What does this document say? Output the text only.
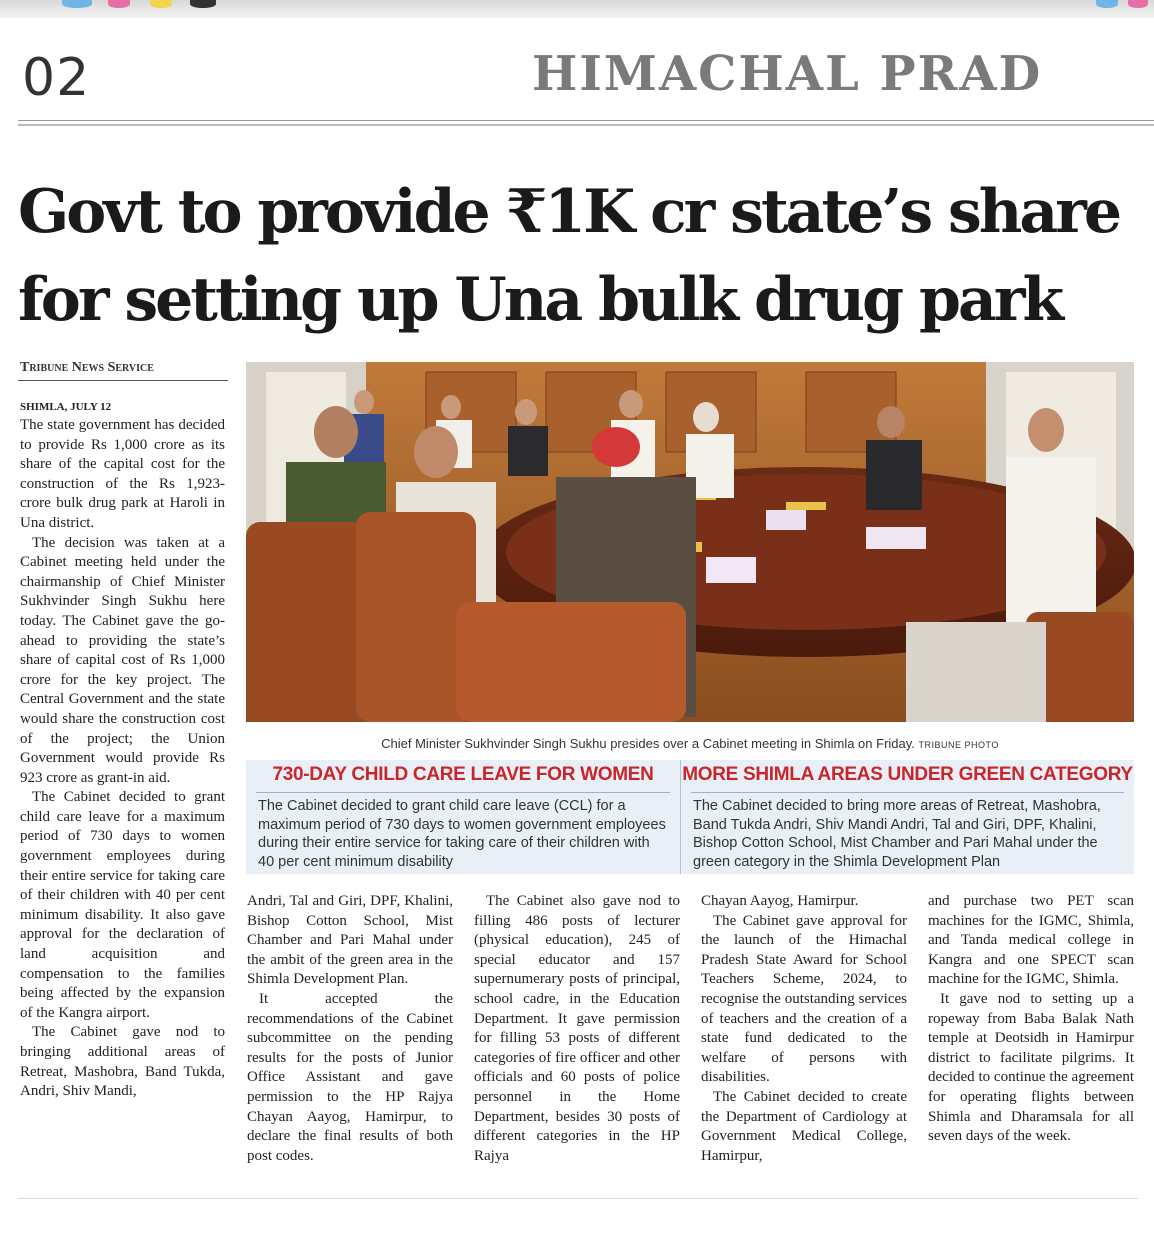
02	HIMACHAL PRAD
Govt to provide ₹1K cr state’s share
for setting up Una bulk drug park
Tribune News Service
SHIMLA, JULY 12

The state government has decided to provide Rs 1,000 crore as its share of the capital cost for the construction of the Rs 1,923-crore bulk drug park at Haroli in Una district.

The decision was taken at a Cabinet meeting held under the chairmanship of Chief Minister Sukhvinder Singh Sukhu here today. The Cabinet gave the go-ahead to providing the state’s share of capital cost of Rs 1,000 crore for the key project. The Central Government and the state would share the construction cost of the project; the Union Government would provide Rs 923 crore as grant-in aid.

The Cabinet decided to grant child care leave for a maximum period of 730 days to women government employees during their entire service for taking care of their children with 40 per cent minimum disability. It also gave approval for the declaration of land acquisition and compensation to the families being affected by the expansion of the Kangra airport.

The Cabinet gave nod to bringing additional areas of Retreat, Mashobra, Band Tukda, Andri, Shiv Mandi,

Chief Minister Sukhvinder Singh Sukhu presides over a Cabinet meeting in Shimla on Friday. TRIBUNE PHOTO
730-DAY CHILD CARE LEAVE FOR WOMEN

The Cabinet decided to grant child care leave (CCL) for a maximum period of 730 days to women government employees during their entire service for taking care of their children with 40 per cent minimum disability

MORE SHIMLA AREAS UNDER GREEN CATEGORY

The Cabinet decided to bring more areas of Retreat, Mashobra, Band Tukda Andri, Shiv Mandi Andri, Tal and Giri, DPF, Khalini, Bishop Cotton School, Mist Chamber and Pari Mahal under the green category in the Shimla Development Plan

Andri, Tal and Giri, DPF, Khalini, Bishop Cotton School, Mist Chamber and Pari Mahal under the ambit of the green area in the Shimla Development Plan.

It accepted the recommendations of the Cabinet subcommittee on the pending results for the posts of Junior Office Assistant and gave permission to the HP Rajya Chayan Aayog, Hamirpur, to declare the final results of both post codes.

The Cabinet also gave nod to filling 486 posts of lecturer (physical education), 245 of special educator and 157 supernumerary posts of principal, school cadre, in the Education Department. It gave permission for filling 53 posts of different categories of fire officer and other officials and 60 posts of police personnel in the Home Department, besides 30 posts of different categories in the HP Rajya

Chayan Aayog, Hamirpur.

The Cabinet gave approval for the launch of the Himachal Pradesh State Award for School Teachers Scheme, 2024, to recognise the outstanding services of teachers and the creation of a state fund dedicated to the welfare of persons with disabilities.

The Cabinet decided to create the Department of Cardiology at Government Medical College, Hamirpur,

and purchase two PET scan machines for the IGMC, Shimla, and Tanda medical college in Kangra and one SPECT scan machine for the IGMC, Shimla.

It gave nod to setting up a ropeway from Baba Balak Nath temple at Deotsidh in Hamirpur district to facilitate pilgrims. It decided to continue the agreement for operating flights between Shimla and Dharamsala for all seven days of the week.
